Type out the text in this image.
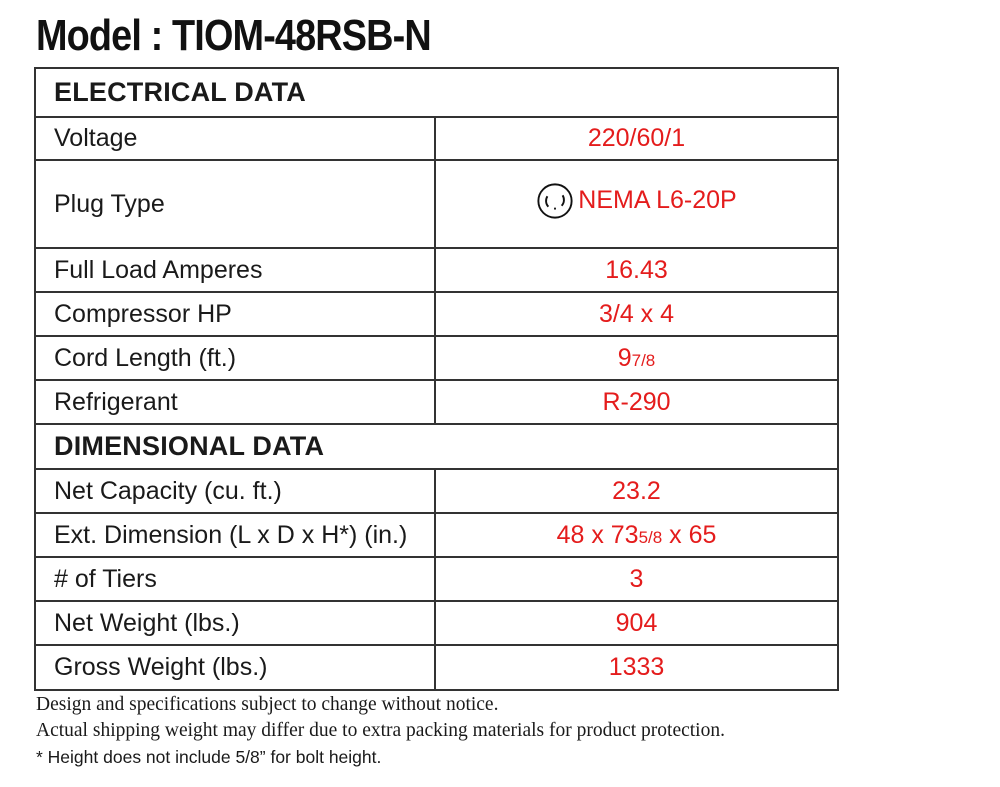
Model : TIOM-48RSB-N
ELECTRICAL DATA	
Voltage	220/60/1
Plug Type	NEMA L6-20P

Full Load Amperes	16.43
Compressor HP	3/4 x 4
Cord Length (ft.)	97/8
Refrigerant	R-290
DIMENSIONAL DATA	
Net Capacity (cu. ft.)	23.2
Ext. Dimension (L x D x H*) (in.)	48 x 735/8 x 65
# of Tiers	3
Net Weight (lbs.)	904
Gross Weight (lbs.)	1333
Design and specifications subject to change without notice.
Actual shipping weight may differ due to extra packing materials for product protection.
* Height does not include 5/8” for bolt height.
